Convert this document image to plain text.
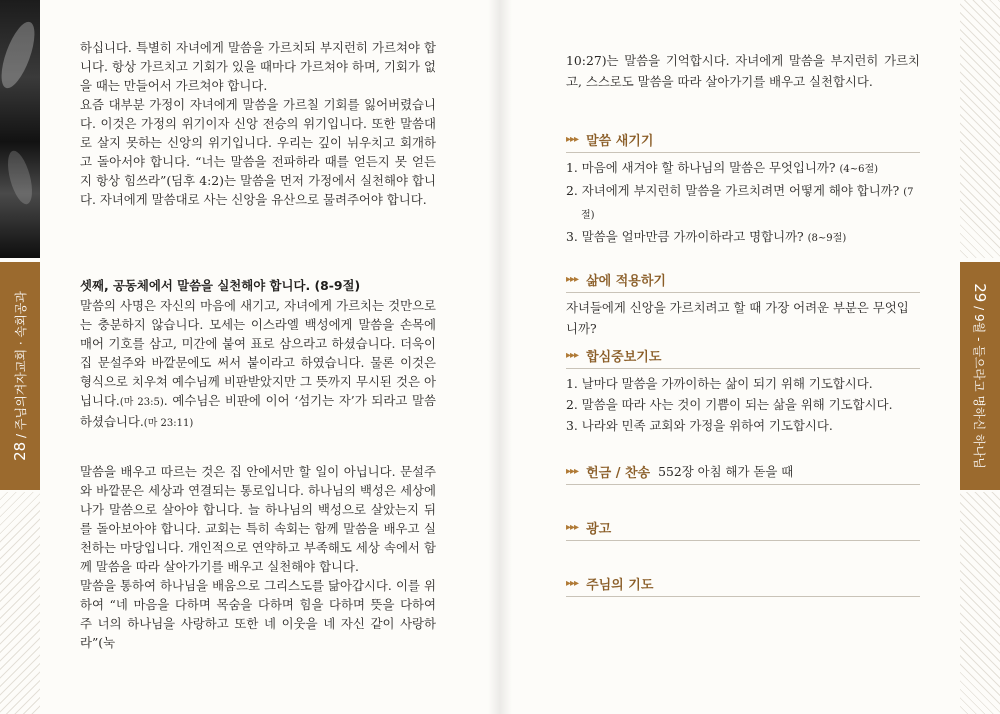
28 / 주님의겨자교회 · 속회공과

하십니다. 특별히 자녀에게 말씀을 가르치되 부지런히 가르쳐야 합니다. 항상 가르치고 기회가 있을 때마다 가르쳐야 하며, 기회가 없을 때는 만들어서 가르쳐야 합니다.

요즘 대부분 가정이 자녀에게 말씀을 가르칠 기회를 잃어버렸습니다. 이것은 가정의 위기이자 신앙 전승의 위기입니다. 또한 말씀대로 살지 못하는 신앙의 위기입니다. 우리는 깊이 뉘우치고 회개하고 돌아서야 합니다. “너는 말씀을 전파하라 때를 얻든지 못 얻든지 항상 힘쓰라”(딤후 4:2)는 말씀을 먼저 가정에서 실천해야 합니다. 자녀에게 말씀대로 사는 신앙을 유산으로 물려주어야 합니다.

셋째, 공동체에서 말씀을 실천해야 합니다. (8-9절)

말씀의 사명은 자신의 마음에 새기고, 자녀에게 가르치는 것만으로는 충분하지 않습니다. 모세는 이스라엘 백성에게 말씀을 손목에 매어 기호를 삼고, 미간에 붙여 표로 삼으라고 하셨습니다. 더욱이 집 문설주와 바깥문에도 써서 붙이라고 하였습니다. 물론 이것은 형식으로 치우쳐 예수님께 비판받았지만 그 뜻까지 무시된 것은 아닙니다.(마 23:5). 예수님은 비판에 이어 ‘섬기는 자’가 되라고 말씀하셨습니다.(마 23:11)

말씀을 배우고 따르는 것은 집 안에서만 할 일이 아닙니다. 문설주와 바깥문은 세상과 연결되는 통로입니다. 하나님의 백성은 세상에 나가 말씀으로 살아야 합니다. 늘 하나님의 백성으로 살았는지 뒤를 돌아보아야 합니다. 교회는 특히 속회는 함께 말씀을 배우고 실천하는 마당입니다. 개인적으로 연약하고 부족해도 세상 속에서 함께 말씀을 따라 살아가기를 배우고 실천해야 합니다.

말씀을 통하여 하나님을 배움으로 그리스도를 닮아갑시다. 이를 위하여 “네 마음을 다하며 목숨을 다하며 힘을 다하며 뜻을 다하여 주 너의 하나님을 사랑하고 또한 네 이웃을 네 자신 같이 사랑하라”(눅

29 / 9월 - 들으라고 명하신 하나님
10:27)는 말씀을 기억합시다. 자녀에게 말씀을 부지런히 가르치고, 스스로도 말씀을 따라 살아가기를 배우고 실천합시다.
▸▸▸ 말씀 새기기
1. 마음에 새겨야 할 하나님의 말씀은 무엇입니까? (4~6절)
2. 자녀에게 부지런히 말씀을 가르치려면 어떻게 해야 합니까? (7절)
3. 말씀을 얼마만큼 가까이하라고 명합니까? (8~9절)
▸▸▸ 삶에 적용하기

자녀들에게 신앙을 가르치려고 할 때 가장 어려운 부분은 무엇입니까?

▸▸▸ 합심중보기도
1. 날마다 말씀을 가까이하는 삶이 되기 위해 기도합시다.
2. 말씀을 따라 사는 것이 기쁨이 되는 삶을 위해 기도합시다.
3. 나라와 민족 교회와 가정을 위하여 기도합시다.
▸▸▸ 헌금 / 찬송 552장 아침 해가 돋을 때
▸▸▸ 광고
▸▸▸ 주님의 기도
